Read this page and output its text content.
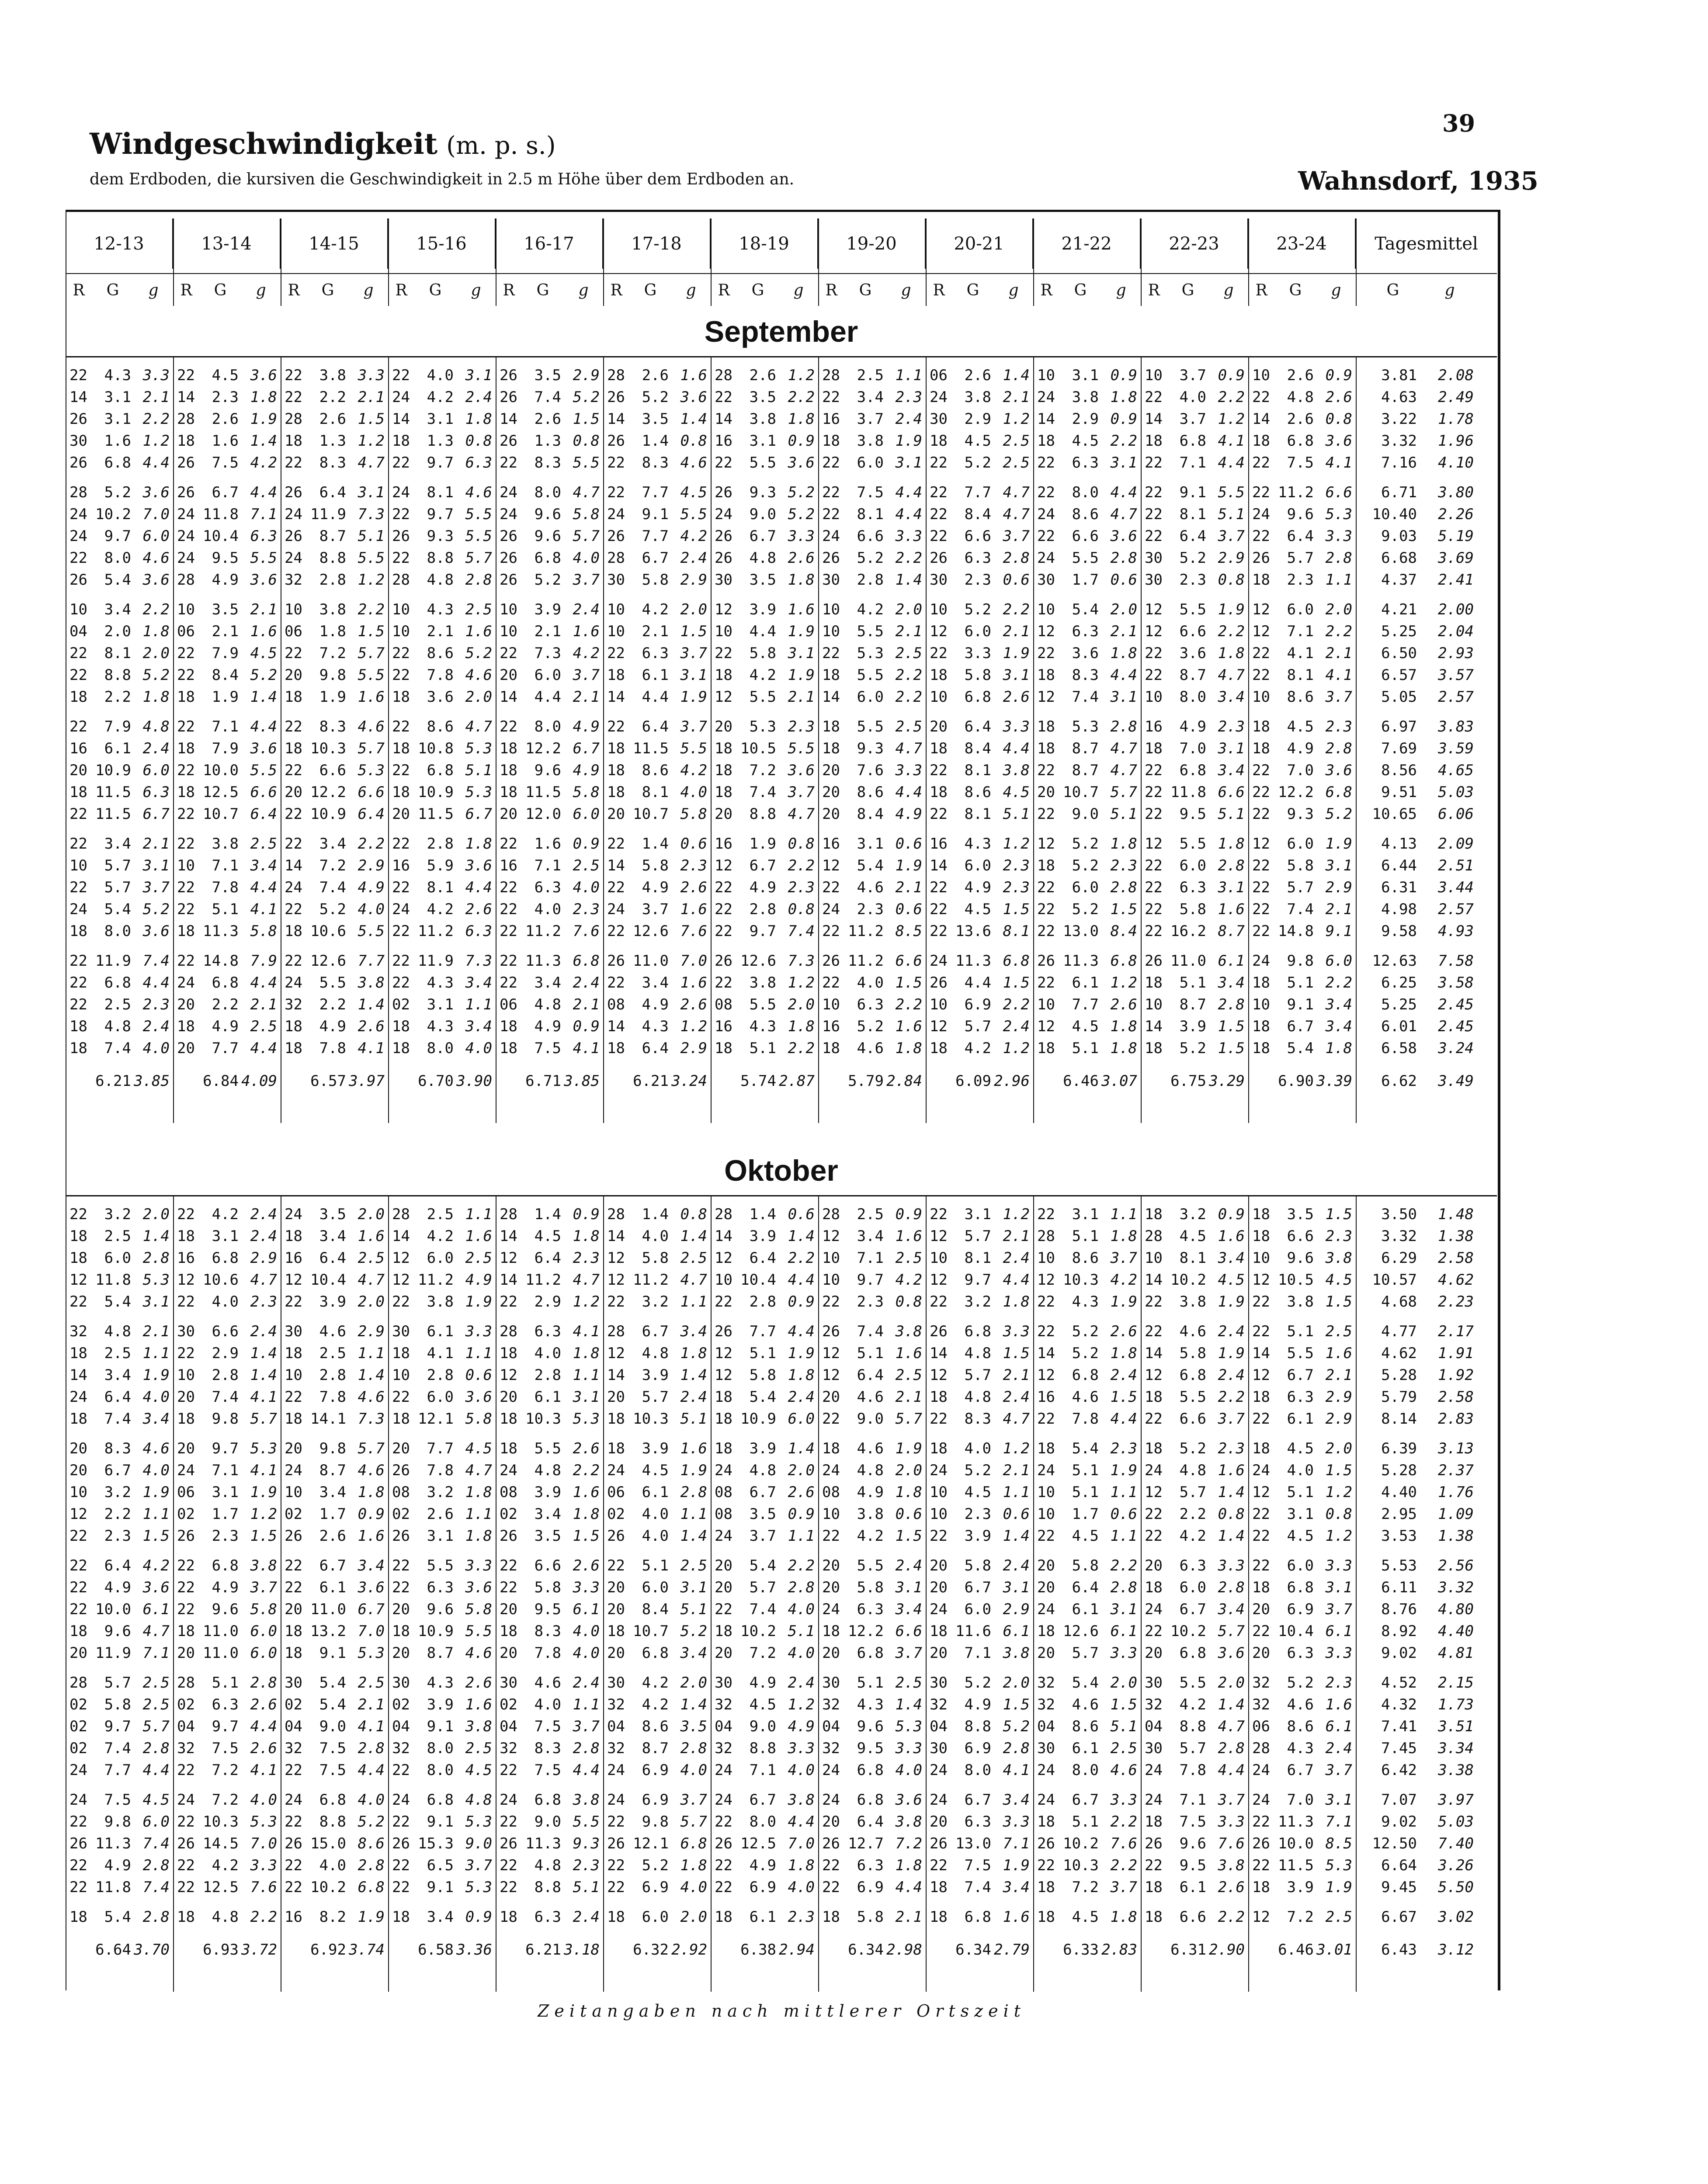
39
Windgeschwindigkeit (m. p. s.)
dem Erdboden, die kursiven die Geschwindigkeit in 2.5 m Höhe über dem Erdboden an.	Wahnsdorf, 1935
12-13	13-14	14-15	15-16	16-17	17-18	18-19	19-20	20-21	21-22	22-23	23-24	Tagesmittel
R	G	g	R	G	g	R	G	g	R	G	g	R	G	g	R	G	g	R	G	g	R	G	g	R	G	g	R	G	g	R	G	g	R	G	g	G	g
September
22	4.3 3.3 22	4.5 3.6 22	3.8 3.3 22	4.0 3.1 26	3.5 2.9 28	2.6 1.6 28	2.6 1.2 28	2.5 1.1 06	2.6 1.4 10	3.1 0.9 10	3.7 0.9 10	2.6 0.9	3.81	2.08
14	3.1 2.1 14	2.3 1.8 22	2.2 2.1 24	4.2 2.4 26	7.4 5.2 26	5.2 3.6 22	3.5 2.2 22	3.4 2.3 24	3.8 2.1 24	3.8 1.8 22	4.0 2.2 22	4.8 2.6	4.63	2.49
26	3.1 2.2 28	2.6 1.9 28	2.6 1.5 14	3.1 1.8 14	2.6 1.5 14	3.5 1.4 14	3.8 1.8 16	3.7 2.4 30	2.9 1.2 14	2.9 0.9 14	3.7 1.2 14	2.6 0.8	3.22	1.78
30	1.6 1.2 18	1.6 1.4 18	1.3 1.2 18	1.3 0.8 26	1.3 0.8 26	1.4 0.8 16	3.1 0.9 18	3.8 1.9 18	4.5 2.5 18	4.5 2.2 18	6.8 4.1 18	6.8 3.6	3.32	1.96
26	6.8 4.4 26	7.5 4.2 22	8.3 4.7 22	9.7 6.3 22	8.3 5.5 22	8.3 4.6 22	5.5 3.6 22	6.0 3.1 22	5.2 2.5 22	6.3 3.1 22	7.1 4.4 22	7.5 4.1	7.16	4.10
28	5.2 3.6 26	6.7 4.4 26	6.4 3.1 24	8.1 4.6 24	8.0 4.7 22	7.7 4.5 26	9.3 5.2 22	7.5 4.4 22	7.7 4.7 22	8.0 4.4 22	9.1 5.5 22 11.2 6.6	6.71	3.80
24 10.2 7.0 24 11.8 7.1 24 11.9 7.3 22	9.7 5.5 24	9.6 5.8 24	9.1 5.5 24	9.0 5.2 22	8.1 4.4 22	8.4 4.7 24	8.6 4.7 22	8.1 5.1 24	9.6 5.3	10.40	2.26
24	9.7 6.0 24 10.4 6.3 26	8.7 5.1 26	9.3 5.5 26	9.6 5.7 26	7.7 4.2 26	6.7 3.3 24	6.6 3.3 22	6.6 3.7 22	6.6 3.6 22	6.4 3.7 22	6.4 3.3	9.03	5.19
22	8.0 4.6 24	9.5 5.5 24	8.8 5.5 22	8.8 5.7 26	6.8 4.0 28	6.7 2.4 26	4.8 2.6 26	5.2 2.2 26	6.3 2.8 24	5.5 2.8 30	5.2 2.9 26	5.7 2.8	6.68	3.69
26	5.4 3.6 28	4.9 3.6 32	2.8 1.2 28	4.8 2.8 26	5.2 3.7 30	5.8 2.9 30	3.5 1.8 30	2.8 1.4 30	2.3 0.6 30	1.7 0.6 30	2.3 0.8 18	2.3 1.1	4.37	2.41
10	3.4 2.2 10	3.5 2.1 10	3.8 2.2 10	4.3 2.5 10	3.9 2.4 10	4.2 2.0 12	3.9 1.6 10	4.2 2.0 10	5.2 2.2 10	5.4 2.0 12	5.5 1.9 12	6.0 2.0	4.21	2.00
04	2.0 1.8 06	2.1 1.6 06	1.8 1.5 10	2.1 1.6 10	2.1 1.6 10	2.1 1.5 10	4.4 1.9 10	5.5 2.1 12	6.0 2.1 12	6.3 2.1 12	6.6 2.2 12	7.1 2.2	5.25	2.04
22	8.1 2.0 22	7.9 4.5 22	7.2 5.7 22	8.6 5.2 22	7.3 4.2 22	6.3 3.7 22	5.8 3.1 22	5.3 2.5 22	3.3 1.9 22	3.6 1.8 22	3.6 1.8 22	4.1 2.1	6.50	2.93
22	8.8 5.2 22	8.4 5.2 20	9.8 5.5 22	7.8 4.6 20	6.0 3.7 18	6.1 3.1 18	4.2 1.9 18	5.5 2.2 18	5.8 3.1 18	8.3 4.4 22	8.7 4.7 22	8.1 4.1	6.57	3.57
18	2.2 1.8 18	1.9 1.4 18	1.9 1.6 18	3.6 2.0 14	4.4 2.1 14	4.4 1.9 12	5.5 2.1 14	6.0 2.2 10	6.8 2.6 12	7.4 3.1 10	8.0 3.4 10	8.6 3.7	5.05	2.57
22	7.9 4.8 22	7.1 4.4 22	8.3 4.6 22	8.6 4.7 22	8.0 4.9 22	6.4 3.7 20	5.3 2.3 18	5.5 2.5 20	6.4 3.3 18	5.3 2.8 16	4.9 2.3 18	4.5 2.3	6.97	3.83
16	6.1 2.4 18	7.9 3.6 18 10.3 5.7 18 10.8 5.3 18 12.2 6.7 18 11.5 5.5 18 10.5 5.5 18	9.3 4.7 18	8.4 4.4 18	8.7 4.7 18	7.0 3.1 18	4.9 2.8	7.69	3.59
20 10.9 6.0 22 10.0 5.5 22	6.6 5.3 22	6.8 5.1 18	9.6 4.9 18	8.6 4.2 18	7.2 3.6 20	7.6 3.3 22	8.1 3.8 22	8.7 4.7 22	6.8 3.4 22	7.0 3.6	8.56	4.65
18 11.5 6.3 18 12.5 6.6 20 12.2 6.6 18 10.9 5.3 18 11.5 5.8 18	8.1 4.0 18	7.4 3.7 20	8.6 4.4 18	8.6 4.5 20 10.7 5.7 22 11.8 6.6 22 12.2 6.8	9.51	5.03
22 11.5 6.7 22 10.7 6.4 22 10.9 6.4 20 11.5 6.7 20 12.0 6.0 20 10.7 5.8 20	8.8 4.7 20	8.4 4.9 22	8.1 5.1 22	9.0 5.1 22	9.5 5.1 22	9.3 5.2	10.65	6.06
22	3.4 2.1 22	3.8 2.5 22	3.4 2.2 22	2.8 1.8 22	1.6 0.9 22	1.4 0.6 16	1.9 0.8 16	3.1 0.6 16	4.3 1.2 12	5.2 1.8 12	5.5 1.8 12	6.0 1.9	4.13	2.09
10	5.7 3.1 10	7.1 3.4 14	7.2 2.9 16	5.9 3.6 16	7.1 2.5 14	5.8 2.3 12	6.7 2.2 12	5.4 1.9 14	6.0 2.3 18	5.2 2.3 22	6.0 2.8 22	5.8 3.1	6.44	2.51
22	5.7 3.7 22	7.8 4.4 24	7.4 4.9 22	8.1 4.4 22	6.3 4.0 22	4.9 2.6 22	4.9 2.3 22	4.6 2.1 22	4.9 2.3 22	6.0 2.8 22	6.3 3.1 22	5.7 2.9	6.31	3.44
24	5.4 5.2 22	5.1 4.1 22	5.2 4.0 24	4.2 2.6 22	4.0 2.3 24	3.7 1.6 22	2.8 0.8 24	2.3 0.6 22	4.5 1.5 22	5.2 1.5 22	5.8 1.6 22	7.4 2.1	4.98	2.57
18	8.0 3.6 18 11.3 5.8 18 10.6 5.5 22 11.2 6.3 22 11.2 7.6 22 12.6 7.6 22	9.7 7.4 22 11.2 8.5 22 13.6 8.1 22 13.0 8.4 22 16.2 8.7 22 14.8 9.1	9.58	4.93
22 11.9 7.4 22 14.8 7.9 22 12.6 7.7 22 11.9 7.3 22 11.3 6.8 26 11.0 7.0 26 12.6 7.3 26 11.2 6.6 24 11.3 6.8 26 11.3 6.8 26 11.0 6.1 24	9.8 6.0	12.63	7.58
22	6.8 4.4 24	6.8 4.4 24	5.5 3.8 22	4.3 3.4 22	3.4 2.4 22	3.4 1.6 22	3.8 1.2 22	4.0 1.5 26	4.4 1.5 22	6.1 1.2 18	5.1 3.4 18	5.1 2.2	6.25	3.58
22	2.5 2.3 20	2.2 2.1 32	2.2 1.4 02	3.1 1.1 06	4.8 2.1 08	4.9 2.6 08	5.5 2.0 10	6.3 2.2 10	6.9 2.2 10	7.7 2.6 10	8.7 2.8 10	9.1 3.4	5.25	2.45
18	4.8 2.4 18	4.9 2.5 18	4.9 2.6 18	4.3 3.4 18	4.9 0.9 14	4.3 1.2 16	4.3 1.8 16	5.2 1.6 12	5.7 2.4 12	4.5 1.8 14	3.9 1.5 18	6.7 3.4	6.01	2.45
18	7.4 4.0 20	7.7 4.4 18	7.8 4.1 18	8.0 4.0 18	7.5 4.1 18	6.4 2.9 18	5.1 2.2 18	4.6 1.8 18	4.2 1.2 18	5.1 1.8 18	5.2 1.5 18	5.4 1.8	6.58	3.24
6.21 3.85	6.84 4.09	6.57 3.97	6.70 3.90	6.71 3.85	6.21 3.24	5.74 2.87	5.79 2.84	6.09 2.96	6.46 3.07	6.75 3.29	6.90 3.39	6.62	3.49
Oktober
22	3.2 2.0 22	4.2 2.4 24	3.5 2.0 28	2.5 1.1 28	1.4 0.9 28	1.4 0.8 28	1.4 0.6 28	2.5 0.9 22	3.1 1.2 22	3.1 1.1 18	3.2 0.9 18	3.5 1.5	3.50	1.48
18	2.5 1.4 18	3.1 2.4 18	3.4 1.6 14	4.2 1.6 14	4.5 1.8 14	4.0 1.4 14	3.9 1.4 12	3.4 1.6 12	5.7 2.1 28	5.1 1.8 28	4.5 1.6 18	6.6 2.3	3.32	1.38
18	6.0 2.8 16	6.8 2.9 16	6.4 2.5 12	6.0 2.5 12	6.4 2.3 12	5.8 2.5 12	6.4 2.2 10	7.1 2.5 10	8.1 2.4 10	8.6 3.7 10	8.1 3.4 10	9.6 3.8	6.29	2.58
12 11.8 5.3 12 10.6 4.7 12 10.4 4.7 12 11.2 4.9 14 11.2 4.7 12 11.2 4.7 10 10.4 4.4 10	9.7 4.2 12	9.7 4.4 12 10.3 4.2 14 10.2 4.5 12 10.5 4.5	10.57	4.62
22	5.4 3.1 22	4.0 2.3 22	3.9 2.0 22	3.8 1.9 22	2.9 1.2 22	3.2 1.1 22	2.8 0.9 22	2.3 0.8 22	3.2 1.8 22	4.3 1.9 22	3.8 1.9 22	3.8 1.5	4.68	2.23
32	4.8 2.1 30	6.6 2.4 30	4.6 2.9 30	6.1 3.3 28	6.3 4.1 28	6.7 3.4 26	7.7 4.4 26	7.4 3.8 26	6.8 3.3 22	5.2 2.6 22	4.6 2.4 22	5.1 2.5	4.77	2.17
18	2.5 1.1 22	2.9 1.4 18	2.5 1.1 18	4.1 1.1 18	4.0 1.8 12	4.8 1.8 12	5.1 1.9 12	5.1 1.6 14	4.8 1.5 14	5.2 1.8 14	5.8 1.9 14	5.5 1.6	4.62	1.91
14	3.4 1.9 10	2.8 1.4 10	2.8 1.4 10	2.8 0.6 12	2.8 1.1 14	3.9 1.4 12	5.8 1.8 12	6.4 2.5 12	5.7 2.1 12	6.8 2.4 12	6.8 2.4 12	6.7 2.1	5.28	1.92
24	6.4 4.0 20	7.4 4.1 22	7.8 4.6 22	6.0 3.6 20	6.1 3.1 20	5.7 2.4 18	5.4 2.4 20	4.6 2.1 18	4.8 2.4 16	4.6 1.5 18	5.5 2.2 18	6.3 2.9	5.79	2.58
18	7.4 3.4 18	9.8 5.7 18 14.1 7.3 18 12.1 5.8 18 10.3 5.3 18 10.3 5.1 18 10.9 6.0 22	9.0 5.7 22	8.3 4.7 22	7.8 4.4 22	6.6 3.7 22	6.1 2.9	8.14	2.83
20	8.3 4.6 20	9.7 5.3 20	9.8 5.7 20	7.7 4.5 18	5.5 2.6 18	3.9 1.6 18	3.9 1.4 18	4.6 1.9 18	4.0 1.2 18	5.4 2.3 18	5.2 2.3 18	4.5 2.0	6.39	3.13
20	6.7 4.0 24	7.1 4.1 24	8.7 4.6 26	7.8 4.7 24	4.8 2.2 24	4.5 1.9 24	4.8 2.0 24	4.8 2.0 24	5.2 2.1 24	5.1 1.9 24	4.8 1.6 24	4.0 1.5	5.28	2.37
10	3.2 1.9 06	3.1 1.9 10	3.4 1.8 08	3.2 1.8 08	3.9 1.6 06	6.1 2.8 08	6.7 2.6 08	4.9 1.8 10	4.5 1.1 10	5.1 1.1 12	5.7 1.4 12	5.1 1.2	4.40	1.76
12	2.2 1.1 02	1.7 1.2 02	1.7 0.9 02	2.6 1.1 02	3.4 1.8 02	4.0 1.1 08	3.5 0.9 10	3.8 0.6 10	2.3 0.6 10	1.7 0.6 22	2.2 0.8 22	3.1 0.8	2.95	1.09
22	2.3 1.5 26	2.3 1.5 26	2.6 1.6 26	3.1 1.8 26	3.5 1.5 26	4.0 1.4 24	3.7 1.1 22	4.2 1.5 22	3.9 1.4 22	4.5 1.1 22	4.2 1.4 22	4.5 1.2	3.53	1.38
22	6.4 4.2 22	6.8 3.8 22	6.7 3.4 22	5.5 3.3 22	6.6 2.6 22	5.1 2.5 20	5.4 2.2 20	5.5 2.4 20	5.8 2.4 20	5.8 2.2 20	6.3 3.3 22	6.0 3.3	5.53	2.56
22	4.9 3.6 22	4.9 3.7 22	6.1 3.6 22	6.3 3.6 22	5.8 3.3 20	6.0 3.1 20	5.7 2.8 20	5.8 3.1 20	6.7 3.1 20	6.4 2.8 18	6.0 2.8 18	6.8 3.1	6.11	3.32
22 10.0 6.1 22	9.6 5.8 20 11.0 6.7 20	9.6 5.8 20	9.5 6.1 20	8.4 5.1 22	7.4 4.0 24	6.3 3.4 24	6.0 2.9 24	6.1 3.1 24	6.7 3.4 20	6.9 3.7	8.76	4.80
18	9.6 4.7 18 11.0 6.0 18 13.2 7.0 18 10.9 5.5 18	8.3 4.0 18 10.7 5.2 18 10.2 5.1 18 12.2 6.6 18 11.6 6.1 18 12.6 6.1 22 10.2 5.7 22 10.4 6.1	8.92	4.40
20 11.9 7.1 20 11.0 6.0 18	9.1 5.3 20	8.7 4.6 20	7.8 4.0 20	6.8 3.4 20	7.2 4.0 20	6.8 3.7 20	7.1 3.8 20	5.7 3.3 20	6.8 3.6 20	6.3 3.3	9.02	4.81
28	5.7 2.5 28	5.1 2.8 30	5.4 2.5 30	4.3 2.6 30	4.6 2.4 30	4.2 2.0 30	4.9 2.4 30	5.1 2.5 30	5.2 2.0 32	5.4 2.0 30	5.5 2.0 32	5.2 2.3	4.52	2.15
02	5.8 2.5 02	6.3 2.6 02	5.4 2.1 02	3.9 1.6 02	4.0 1.1 32	4.2 1.4 32	4.5 1.2 32	4.3 1.4 32	4.9 1.5 32	4.6 1.5 32	4.2 1.4 32	4.6 1.6	4.32	1.73
02	9.7 5.7 04	9.7 4.4 04	9.0 4.1 04	9.1 3.8 04	7.5 3.7 04	8.6 3.5 04	9.0 4.9 04	9.6 5.3 04	8.8 5.2 04	8.6 5.1 04	8.8 4.7 06	8.6 6.1	7.41	3.51
02	7.4 2.8 32	7.5 2.6 32	7.5 2.8 32	8.0 2.5 32	8.3 2.8 32	8.7 2.8 32	8.8 3.3 32	9.5 3.3 30	6.9 2.8 30	6.1 2.5 30	5.7 2.8 28	4.3 2.4	7.45	3.34
24	7.7 4.4 22	7.2 4.1 22	7.5 4.4 22	8.0 4.5 22	7.5 4.4 24	6.9 4.0 24	7.1 4.0 24	6.8 4.0 24	8.0 4.1 24	8.0 4.6 24	7.8 4.4 24	6.7 3.7	6.42	3.38
24	7.5 4.5 24	7.2 4.0 24	6.8 4.0 24	6.8 4.8 24	6.8 3.8 24	6.9 3.7 24	6.7 3.8 24	6.8 3.6 24	6.7 3.4 24	6.7 3.3 24	7.1 3.7 24	7.0 3.1	7.07	3.97
22	9.8 6.0 22 10.3 5.3 22	8.8 5.2 22	9.1 5.3 22	9.0 5.5 22	9.8 5.7 22	8.0 4.4 20	6.4 3.8 20	6.3 3.3 18	5.1 2.2 18	7.5 3.3 22 11.3 7.1	9.02	5.03
26 11.3 7.4 26 14.5 7.0 26 15.0 8.6 26 15.3 9.0 26 11.3 9.3 26 12.1 6.8 26 12.5 7.0 26 12.7 7.2 26 13.0 7.1 26 10.2 7.6 26	9.6 7.6 26 10.0 8.5	12.50	7.40
22	4.9 2.8 22	4.2 3.3 22	4.0 2.8 22	6.5 3.7 22	4.8 2.3 22	5.2 1.8 22	4.9 1.8 22	6.3 1.8 22	7.5 1.9 22 10.3 2.2 22	9.5 3.8 22 11.5 5.3	6.64	3.26
22 11.8 7.4 22 12.5 7.6 22 10.2 6.8 22	9.1 5.3 22	8.8 5.1 22	6.9 4.0 22	6.9 4.0 22	6.9 4.4 18	7.4 3.4 18	7.2 3.7 18	6.1 2.6 18	3.9 1.9	9.45	5.50
18	5.4 2.8 18	4.8 2.2 16	8.2 1.9 18	3.4 0.9 18	6.3 2.4 18	6.0 2.0 18	6.1 2.3 18	5.8 2.1 18	6.8 1.6 18	4.5 1.8 18	6.6 2.2 12	7.2 2.5	6.67	3.02
6.64 3.70	6.93 3.72	6.92 3.74	6.58 3.36	6.21 3.18	6.32 2.92	6.38 2.94	6.34 2.98	6.34 2.79	6.33 2.83	6.31 2.90	6.46 3.01	6.43	3.12
Zeitangaben nach mittlerer Ortszeit
